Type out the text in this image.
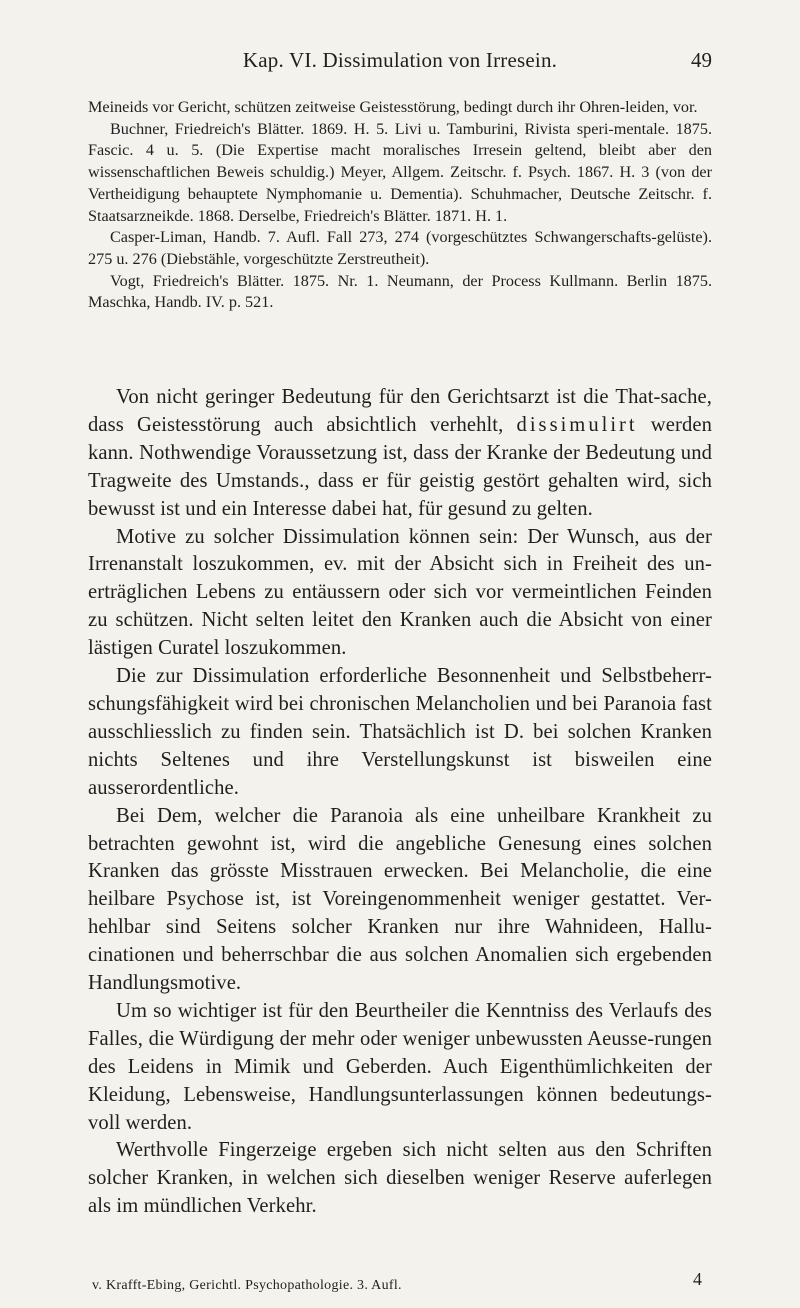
Kap. VI. Dissimulation von Irresein.	49

Meineids vor Gericht, schützen zeitweise Geistesstörung, bedingt durch ihr Ohren-leiden, vor.

Buchner, Friedreich's Blätter. 1869. H. 5. Livi u. Tamburini, Rivista speri-mentale. 1875. Fascic. 4 u. 5. (Die Expertise macht moralisches Irresein geltend, bleibt aber den wissenschaftlichen Beweis schuldig.) Meyer, Allgem. Zeitschr. f. Psych. 1867. H. 3 (von der Vertheidigung behauptete Nymphomanie u. Dementia). Schuhmacher, Deutsche Zeitschr. f. Staatsarzneikde. 1868. Derselbe, Friedreich's Blätter. 1871. H. 1.

Casper-Liman, Handb. 7. Aufl. Fall 273, 274 (vorgeschütztes Schwangerschafts-gelüste). 275 u. 276 (Diebstähle, vorgeschützte Zerstreutheit).

Vogt, Friedreich's Blätter. 1875. Nr. 1. Neumann, der Process Kullmann. Berlin 1875. Maschka, Handb. IV. p. 521.

Von nicht geringer Bedeutung für den Gerichtsarzt ist die That-sache, dass Geistesstörung auch absichtlich verhehlt, dissimulirt werden kann. Nothwendige Voraussetzung ist, dass der Kranke der Bedeutung und Tragweite des Umstands., dass er für geistig gestört gehalten wird, sich bewusst ist und ein Interesse dabei hat, für gesund zu gelten.

Motive zu solcher Dissimulation können sein: Der Wunsch, aus der Irrenanstalt loszukommen, ev. mit der Absicht sich in Freiheit des un-erträglichen Lebens zu entäussern oder sich vor vermeintlichen Feinden zu schützen. Nicht selten leitet den Kranken auch die Absicht von einer lästigen Curatel loszukommen.

Die zur Dissimulation erforderliche Besonnenheit und Selbstbeherr-schungsfähigkeit wird bei chronischen Melancholien und bei Paranoia fast ausschliesslich zu finden sein. Thatsächlich ist D. bei solchen Kranken nichts Seltenes und ihre Verstellungskunst ist bisweilen eine ausserordentliche.

Bei Dem, welcher die Paranoia als eine unheilbare Krankheit zu betrachten gewohnt ist, wird die angebliche Genesung eines solchen Kranken das grösste Misstrauen erwecken. Bei Melancholie, die eine heilbare Psychose ist, ist Voreingenommenheit weniger gestattet. Ver-hehlbar sind Seitens solcher Kranken nur ihre Wahnideen, Hallu-cinationen und beherrschbar die aus solchen Anomalien sich ergebenden Handlungsmotive.

Um so wichtiger ist für den Beurtheiler die Kenntniss des Verlaufs des Falles, die Würdigung der mehr oder weniger unbewussten Aeusse-rungen des Leidens in Mimik und Geberden. Auch Eigenthümlichkeiten der Kleidung, Lebensweise, Handlungsunterlassungen können bedeutungs-voll werden.

Werthvolle Fingerzeige ergeben sich nicht selten aus den Schriften solcher Kranken, in welchen sich dieselben weniger Reserve auferlegen als im mündlichen Verkehr.

v. Krafft-Ebing, Gerichtl. Psychopathologie. 3. Aufl.	4
